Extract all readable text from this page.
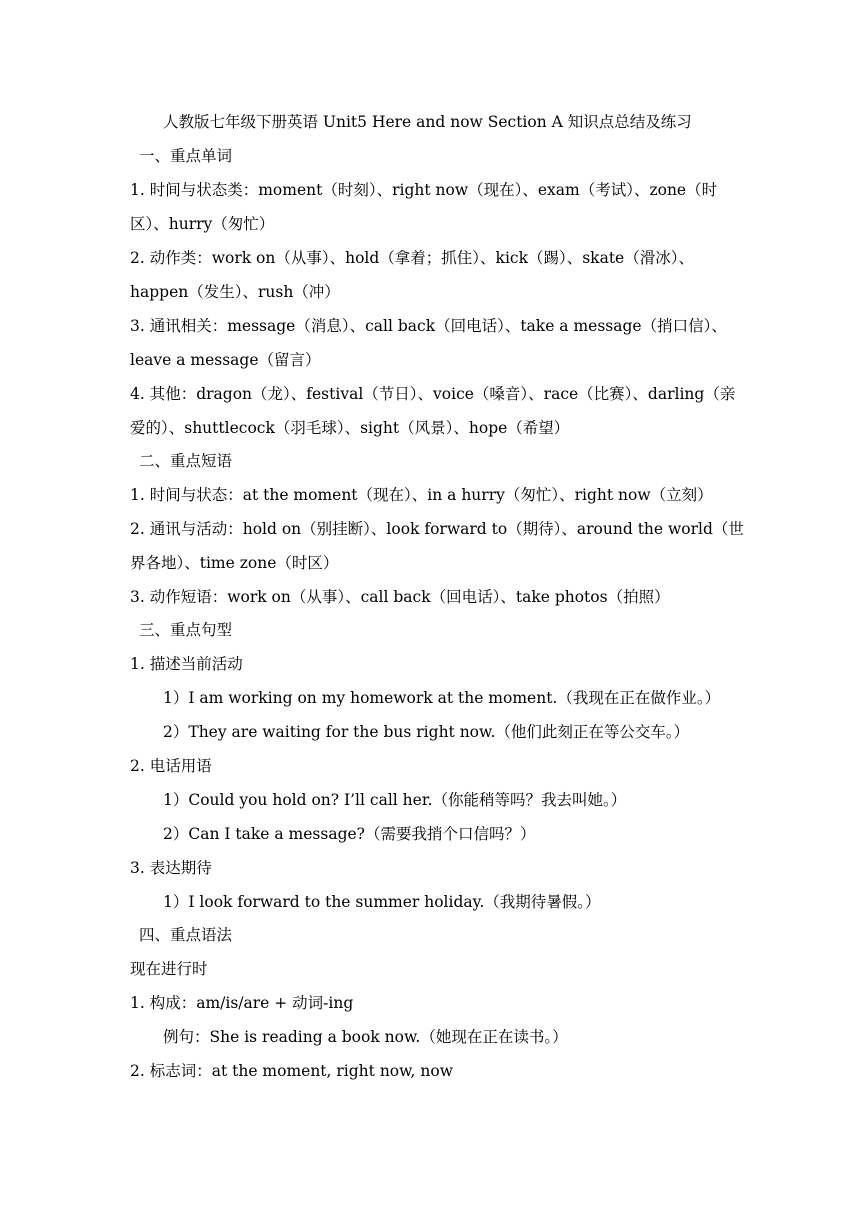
人教版七年级下册英语 Unit5 Here and now Section A 知识点总结及练习
一、重点单词
1. 时间与状态类：moment（时刻）、right now（现在）、exam（考试）、zone（时
区）、hurry（匆忙）
2. 动作类：work on（从事）、hold（拿着；抓住）、kick（踢）、skate（滑冰）、
happen（发生）、rush（冲）
3. 通讯相关：message（消息）、call back（回电话）、take a message（捎口信）、
leave a message（留言）
4. 其他：dragon（龙）、festival（节日）、voice（嗓音）、race（比赛）、darling（亲
爱的）、shuttlecock（羽毛球）、sight（风景）、hope（希望）
二、重点短语
1. 时间与状态：at the moment（现在）、in a hurry（匆忙）、right now（立刻）
2. 通讯与活动：hold on（别挂断）、look forward to（期待）、around the world（世
界各地）、time zone（时区）
3. 动作短语：work on（从事）、call back（回电话）、take photos（拍照）
三、重点句型
1. 描述当前活动
1）I am working on my homework at the moment.（我现在正在做作业。）
2）They are waiting for the bus right now.（他们此刻正在等公交车。）
2. 电话用语
1）Could you hold on? I’ll call her.（你能稍等吗？我去叫她。）
2）Can I take a message?（需要我捎个口信吗？）
3. 表达期待
1）I look forward to the summer holiday.（我期待暑假。）
四、重点语法
现在进行时
1. 构成：am/is/are + 动词-ing
例句：She is reading a book now.（她现在正在读书。）
2. 标志词：at the moment, right now, now
